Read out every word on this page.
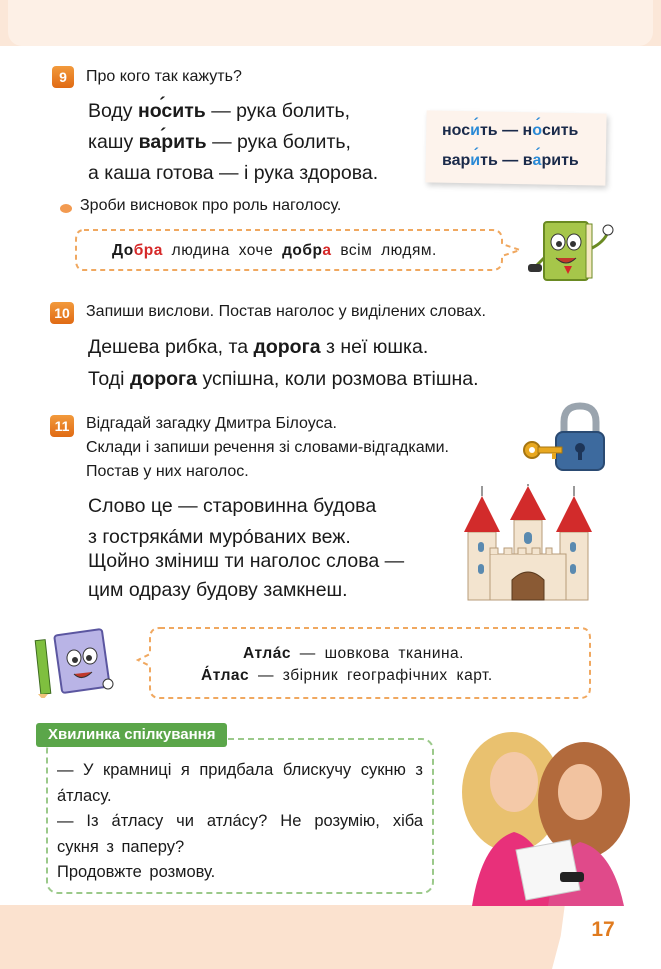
17
9	Про кого так кажуть?
Воду носи ´ть — рука болить,
кашу вари ´ть — рука болить,
а каша готова — і рука здорова.
носи ´ть — но ´сить
вари ´ть — ва ´рить
Зроби висновок про роль наголосу.
Добра людина хоче добра всім людям.
10 Запиши вислови. Постав наголос у виділених словах.
Дешева рибка, та дорога з неї юшка.
Тоді дорога успішна, коли розмова втішна.
11 Відгадай загадку Дмитра Білоуса.
Склади і запиши речення зі словами-відгадками.
Постав у них наголос.
Слово це — старовинна будова
з гострякáми мурóваних веж.
Щойно зміниш ти наголос слова —
цим одразу будову замкнеш.
Атлáс — шовкова тканина.
А́тлас — збірник географічних карт.
Хвилинка спілкування

— У крамниці я придбала блискучу сукню з а́тласу.

— Із а́тласу чи атлáсу? Не розумію, хіба сукня з паперу?

Продовжте розмову.
